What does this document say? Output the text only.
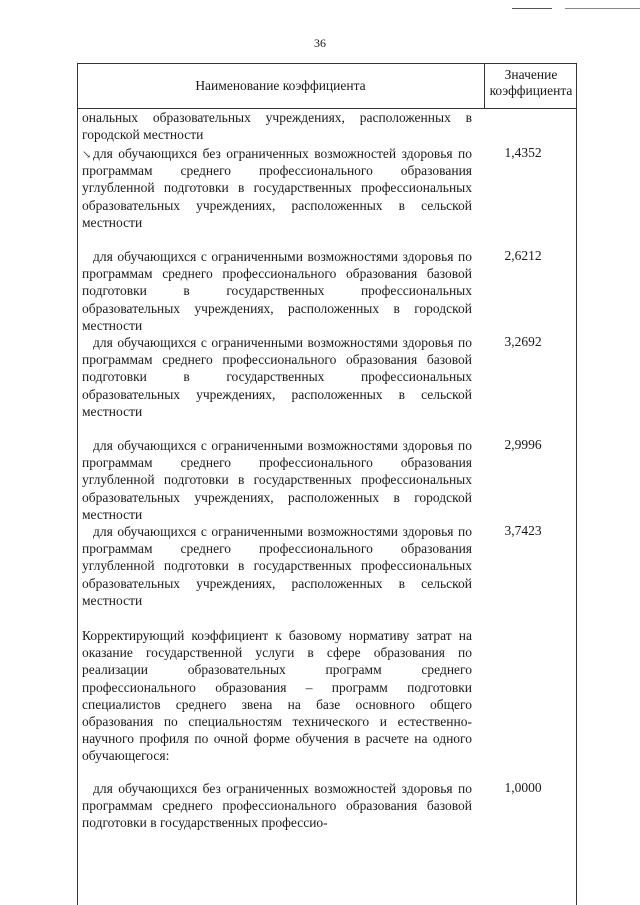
36
Наименование коэффициента
Значение
коэффициента
↘
ональных образовательных учреждениях, расположенных в городской местности
для обучающихся без ограниченных возможностей здоровья по программам среднего профессионального образования углубленной подготовки в государственных профессиональных образовательных учреждениях, расположенных в сельской местности
1,4352
для обучающихся с ограниченными возможностями здоровья по программам среднего профессионального образования базовой подготовки в государственных профессиональных образовательных учреждениях, расположенных в городской местности
2,6212
для обучающихся с ограниченными возможностями здоровья по программам среднего профессионального образования базовой подготовки в государственных профессиональных образовательных учреждениях, расположенных в сельской местности
3,2692
для обучающихся с ограниченными возможностями здоровья по программам среднего профессионального образования углубленной подготовки в государственных профессиональных образовательных учреждениях, расположенных в городской местности
2,9996
для обучающихся с ограниченными возможностями здоровья по программам среднего профессионального образования углубленной подготовки в государственных профессиональных образовательных учреждениях, расположенных в сельской местности
3,7423
Корректирующий коэффициент к базовому нормативу затрат на оказание государственной услуги в сфере образования по реализации образовательных программ среднего профессионального образования – программ подготовки специалистов среднего звена на базе основного общего образования по специальностям технического и естественно-научного профиля по очной форме обучения в расчете на одного обучающегося:
для обучающихся без ограниченных возможностей здоровья по программам среднего профессионального образования базовой подготовки в государственных профессио-
1,0000
